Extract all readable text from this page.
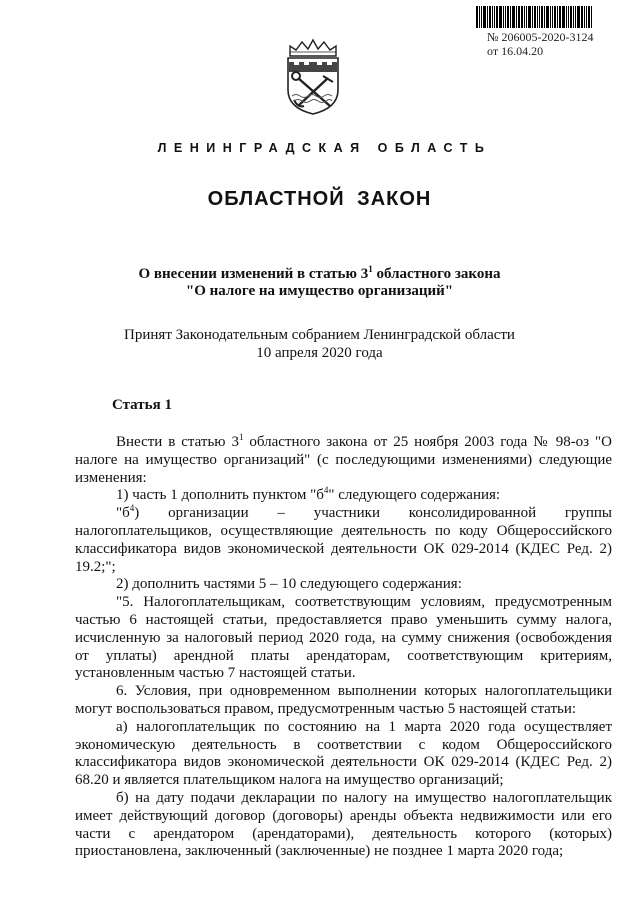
№ 206005-2020-3124
от 16.04.20
ЛЕНИНГРАДСКАЯ ОБЛАСТЬ
ОБЛАСТНОЙ ЗАКОН
О внесении изменений в статью $3^1$ областного закона
"О налоге на имущество организаций"
Принят Законодательным собранием Ленинградской области
10 апреля 2020 года
Статья 1

Внести в статью $3^1$ областного закона от 25 ноября 2003 года № 98-оз "О налоге на имущество организаций" (с последующими изменениями) следующие изменения:

1) часть 1 дополнить пунктом "$б^4$" следующего содержания:

"$б^4$) организации – участники консолидированной группы налогоплательщиков, осуществляющие деятельность по коду Общероссийского классификатора видов экономической деятельности ОК 029-2014 (КДЕС Ред. 2) 19.2;";

2) дополнить частями 5 – 10 следующего содержания:

"5. Налогоплательщикам, соответствующим условиям, предусмотренным частью 6 настоящей статьи, предоставляется право уменьшить сумму налога, исчисленную за налоговый период 2020 года, на сумму снижения (освобождения от уплаты) арендной платы арендаторам, соответствующим критериям, установленным частью 7 настоящей статьи.

6. Условия, при одновременном выполнении которых налогоплательщики могут воспользоваться правом, предусмотренным частью 5 настоящей статьи:

а) налогоплательщик по состоянию на 1 марта 2020 года осуществляет экономическую деятельность в соответствии с кодом Общероссийского классификатора видов экономической деятельности ОК 029-2014 (КДЕС Ред. 2) 68.20 и является плательщиком налога на имущество организаций;

б) на дату подачи декларации по налогу на имущество налогоплательщик имеет действующий договор (договоры) аренды объекта недвижимости или его части с арендатором (арендаторами), деятельность которого (которых) приостановлена, заключенный (заключенные) не позднее 1 марта 2020 года;
